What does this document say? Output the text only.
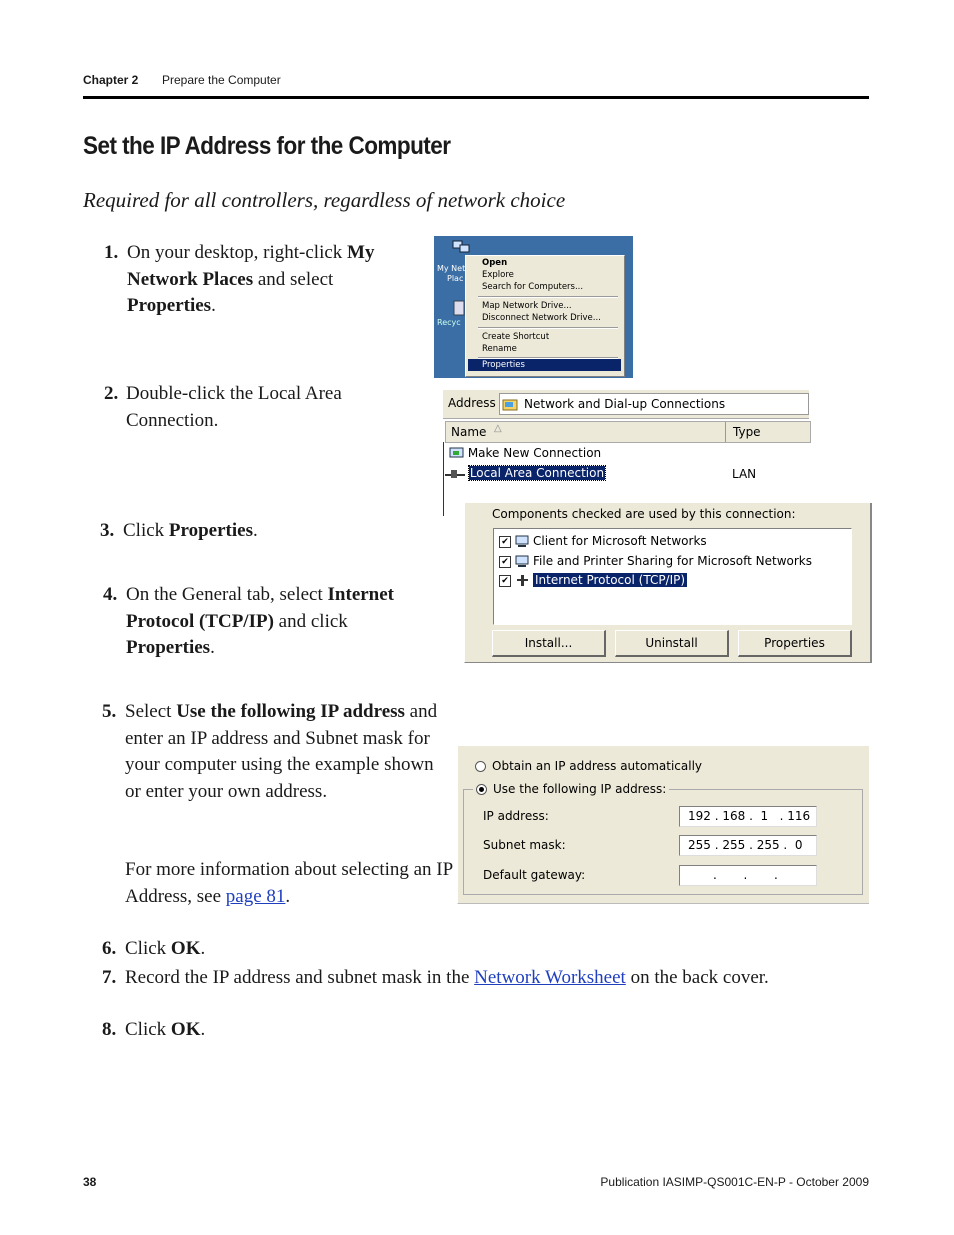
Chapter 2 Prepare the Computer
Set the IP Address for the Computer
Required for all controllers, regardless of network choice
1. On your desktop, right-click My Network Places and select Properties.
2. Double-click the Local Area Connection.
3. Click Properties.
4. On the General tab, select Internet Protocol (TCP/IP) and click Properties.
5. Select Use the following IP address and enter an IP address and Subnet mask for your computer using the example shown or enter your own address.
For more information about selecting an IP Address, see page 81.
6. Click OK.
7. Record the IP address and subnet mask in the Network Worksheet on the back cover.
8. Click OK.
My Net
Plac
Recyc
Open
Explore
Search for Computers...
Map Network Drive...
Disconnect Network Drive...
Create Shortcut
Rename
Properties
Address Network and Dial-up Connections
Name △	Type
Make New Connection
Local Area Connection	LAN
Components checked are used by this connection:
✔ Client for Microsoft Networks
✔ File and Printer Sharing for Microsoft Networks
✔ Internet Protocol (TCP/IP)
Install...	Uninstall	Properties
Obtain an IP address automatically
IP address:	192 . 168 .  1   . 116
Subnet mask:	255 . 255 . 255 .  0
Default gateway:	.       .       .
Use the following IP address:
38	Publication IASIMP-QS001C-EN-P - October 2009
